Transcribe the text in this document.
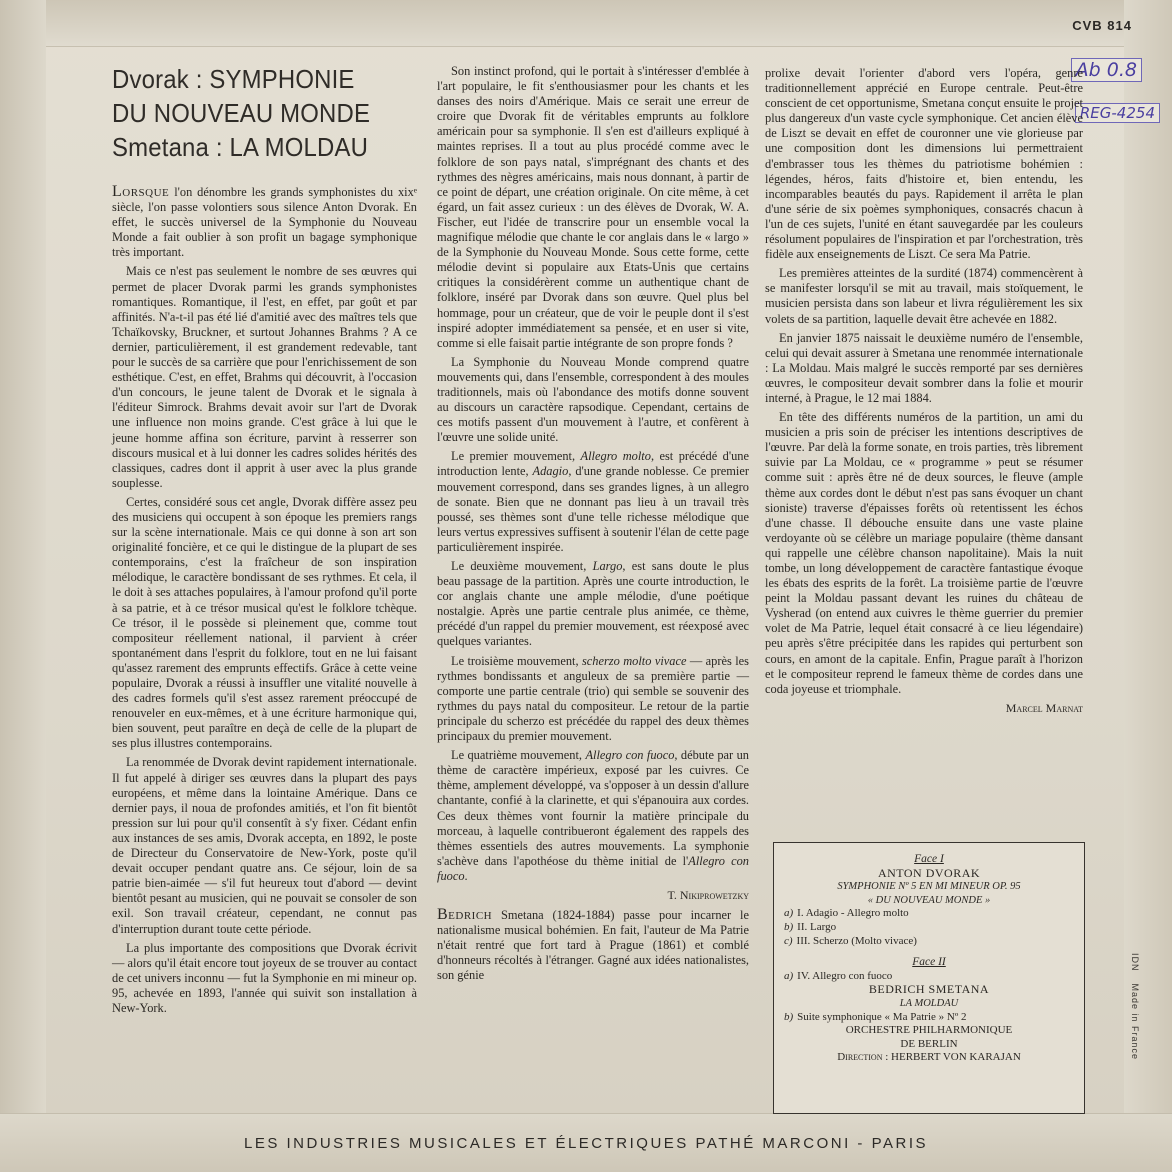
CVB 814
Ab 0.8
REG-4254
IDNMade in France
Dvorak : SYMPHONIE
DU NOUVEAU MONDE
Smetana : LA MOLDAU

Lorsque l'on dénombre les grands symphonistes du xixᵉ siècle, l'on passe volontiers sous silence Anton Dvorak. En effet, le succès universel de la Symphonie du Nouveau Monde a fait oublier à son profit un bagage symphonique très important.

Mais ce n'est pas seulement le nombre de ses œuvres qui permet de placer Dvorak parmi les grands symphonistes romantiques. Romantique, il l'est, en effet, par goût et par affinités. N'a-t-il pas été lié d'amitié avec des maîtres tels que Tchaïkovsky, Bruckner, et surtout Johannes Brahms ? A ce dernier, particulièrement, il est grandement redevable, tant pour le succès de sa carrière que pour l'enrichissement de son esthétique. C'est, en effet, Brahms qui découvrit, à l'occasion d'un concours, le jeune talent de Dvorak et le signala à l'éditeur Simrock. Brahms devait avoir sur l'art de Dvorak une influence non moins grande. C'est grâce à lui que le jeune homme affina son écriture, parvint à resserrer son discours musical et à lui donner les cadres solides hérités des classiques, cadres dont il apprit à user avec la plus grande souplesse.

Certes, considéré sous cet angle, Dvorak diffère assez peu des musiciens qui occupent à son époque les premiers rangs sur la scène internationale. Mais ce qui donne à son art son originalité foncière, et ce qui le distingue de la plupart de ses contemporains, c'est la fraîcheur de son inspiration mélodique, le caractère bondissant de ses rythmes. Et cela, il le doit à ses attaches populaires, à l'amour profond qu'il porte à sa patrie, et à ce trésor musical qu'est le folklore tchèque. Ce trésor, il le possède si pleinement que, comme tout compositeur réellement national, il parvient à créer spontanément dans l'esprit du folklore, tout en ne lui faisant qu'assez rarement des emprunts effectifs. Grâce à cette veine populaire, Dvorak a réussi à insuffler une vitalité nouvelle à des cadres formels qu'il s'est assez rarement préoccupé de renouveler en eux-mêmes, et à une écriture harmonique qui, bien souvent, peut paraître en deçà de celle de la plupart de ses plus illustres contemporains.

La renommée de Dvorak devint rapidement internationale. Il fut appelé à diriger ses œuvres dans la plupart des pays européens, et même dans la lointaine Amérique. Dans ce dernier pays, il noua de profondes amitiés, et l'on fit bientôt pression sur lui pour qu'il consentît à s'y fixer. Cédant enfin aux instances de ses amis, Dvorak accepta, en 1892, le poste de Directeur du Conservatoire de New-York, poste qu'il devait occuper pendant quatre ans. Ce séjour, loin de sa patrie bien-aimée — s'il fut heureux tout d'abord — devint bientôt pesant au musicien, qui ne pouvait se consoler de son exil. Son travail créateur, cependant, ne connut pas d'interruption durant toute cette période.

La plus importante des compositions que Dvorak écrivit — alors qu'il était encore tout joyeux de se trouver au contact de cet univers inconnu — fut la Symphonie en mi mineur op. 95, achevée en 1893, l'année qui suivit son installation à New-York.

Son instinct profond, qui le portait à s'intéresser d'emblée à l'art populaire, le fit s'enthousiasmer pour les chants et les danses des noirs d'Amérique. Mais ce serait une erreur de croire que Dvorak fit de véritables emprunts au folklore américain pour sa symphonie. Il s'en est d'ailleurs expliqué à maintes reprises. Il a tout au plus procédé comme avec le folklore de son pays natal, s'imprégnant des chants et des rythmes des nègres américains, mais nous donnant, à partir de ce point de départ, une création originale. On cite même, à cet égard, un fait assez curieux : un des élèves de Dvorak, W. A. Fischer, eut l'idée de transcrire pour un ensemble vocal la magnifique mélodie que chante le cor anglais dans le « largo » de la Symphonie du Nouveau Monde. Sous cette forme, cette mélodie devint si populaire aux Etats-Unis que certains critiques la considérèrent comme un authentique chant de folklore, inséré par Dvorak dans son œuvre. Quel plus bel hommage, pour un créateur, que de voir le peuple dont il s'est inspiré adopter immédiatement sa pensée, et en user si vite, comme si elle faisait partie intégrante de son propre fonds ?

La Symphonie du Nouveau Monde comprend quatre mouvements qui, dans l'ensemble, correspondent à des moules traditionnels, mais où l'abondance des motifs donne souvent au discours un caractère rapsodique. Cependant, certains de ces motifs passent d'un mouvement à l'autre, et confèrent à l'œuvre une solide unité.

Le premier mouvement, Allegro molto, est précédé d'une introduction lente, Adagio, d'une grande noblesse. Ce premier mouvement correspond, dans ses grandes lignes, à un allegro de sonate. Bien que ne donnant pas lieu à un travail très poussé, ses thèmes sont d'une telle richesse mélodique que leurs vertus expressives suffisent à soutenir l'élan de cette page particulièrement inspirée.

Le deuxième mouvement, Largo, est sans doute le plus beau passage de la partition. Après une courte introduction, le cor anglais chante une ample mélodie, d'une poétique nostalgie. Après une partie centrale plus animée, ce thème, précédé d'un rappel du premier mouvement, est réexposé avec quelques variantes.

Le troisième mouvement, scherzo molto vivace — après les rythmes bondissants et anguleux de sa première partie — comporte une partie centrale (trio) qui semble se souvenir des rythmes du pays natal du compositeur. Le retour de la partie principale du scherzo est précédée du rappel des deux thèmes principaux du premier mouvement.

Le quatrième mouvement, Allegro con fuoco, débute par un thème de caractère impérieux, exposé par les cuivres. Ce thème, amplement développé, va s'opposer à un dessin d'allure chantante, confié à la clarinette, et qui s'épanouira aux cordes. Ces deux thèmes vont fournir la matière principale du morceau, à laquelle contribueront également des rappels des thèmes essentiels des autres mouvements. La symphonie s'achève dans l'apothéose du thème initial de l'Allegro con fuoco.

T. Nikiprowetzky

Bedrich Smetana (1824-1884) passe pour incarner le nationalisme musical bohémien. En fait, l'auteur de Ma Patrie n'était rentré que fort tard à Prague (1861) et comblé d'honneurs récoltés à l'étranger. Gagné aux idées nationalistes, son génie

prolixe devait l'orienter d'abord vers l'opéra, genre traditionnellement apprécié en Europe centrale. Peut-être conscient de cet opportunisme, Smetana conçut ensuite le projet plus dangereux d'un vaste cycle symphonique. Cet ancien élève de Liszt se devait en effet de couronner une vie glorieuse par une composition dont les dimensions lui permettraient d'embrasser tous les thèmes du patriotisme bohémien : légendes, héros, faits d'histoire et, bien entendu, les incomparables beautés du pays. Rapidement il arrêta le plan d'une série de six poèmes symphoniques, consacrés chacun à l'un de ces sujets, l'unité en étant sauvegardée par les couleurs résolument populaires de l'inspiration et par l'orchestration, très fidèle aux enseignements de Liszt. Ce sera Ma Patrie.

Les premières atteintes de la surdité (1874) commencèrent à se manifester lorsqu'il se mit au travail, mais stoïquement, le musicien persista dans son labeur et livra régulièrement les six volets de sa partition, laquelle devait être achevée en 1882.

En janvier 1875 naissait le deuxième numéro de l'ensemble, celui qui devait assurer à Smetana une renommée internationale : La Moldau. Mais malgré le succès remporté par ses dernières œuvres, le compositeur devait sombrer dans la folie et mourir interné, à Prague, le 12 mai 1884.

En tête des différents numéros de la partition, un ami du musicien a pris soin de préciser les intentions descriptives de l'œuvre. Par delà la forme sonate, en trois parties, très librement suivie par La Moldau, ce « programme » peut se résumer comme suit : après être né de deux sources, le fleuve (ample thème aux cordes dont le début n'est pas sans évoquer un chant sioniste) traverse d'épaisses forêts où retentissent les échos d'une chasse. Il débouche ensuite dans une vaste plaine verdoyante où se célèbre un mariage populaire (thème dansant qui rappelle une célèbre chanson napolitaine). Mais la nuit tombe, un long développement de caractère fantastique évoque les ébats des esprits de la forêt. La troisième partie de l'œuvre peint la Moldau passant devant les ruines du château de Vysherad (on entend aux cuivres le thème guerrier du premier volet de Ma Patrie, lequel était consacré à ce lieu légendaire) peu après s'être précipitée dans les rapides qui perturbent son cours, en amont de la capitale. Enfin, Prague paraît à l'horizon et le compositeur reprend le fameux thème de cordes dans une coda joyeuse et triomphale.

Marcel Marnat

Face I
ANTON DVORAK
SYMPHONIE Nº 5 EN MI MINEUR OP. 95
« DU NOUVEAU MONDE »
a) I. Adagio - Allegro molto
b) II. Largo
c) III. Scherzo (Molto vivace)
Face II
a) IV. Allegro con fuoco
BEDRICH SMETANA
LA MOLDAU
b) Suite symphonique « Ma Patrie » Nº 2
ORCHESTRE PHILHARMONIQUE
DE BERLIN
Direction : HERBERT VON KARAJAN
LES INDUSTRIES MUSICALES ET ÉLECTRIQUES PATHÉ MARCONI - PARIS
